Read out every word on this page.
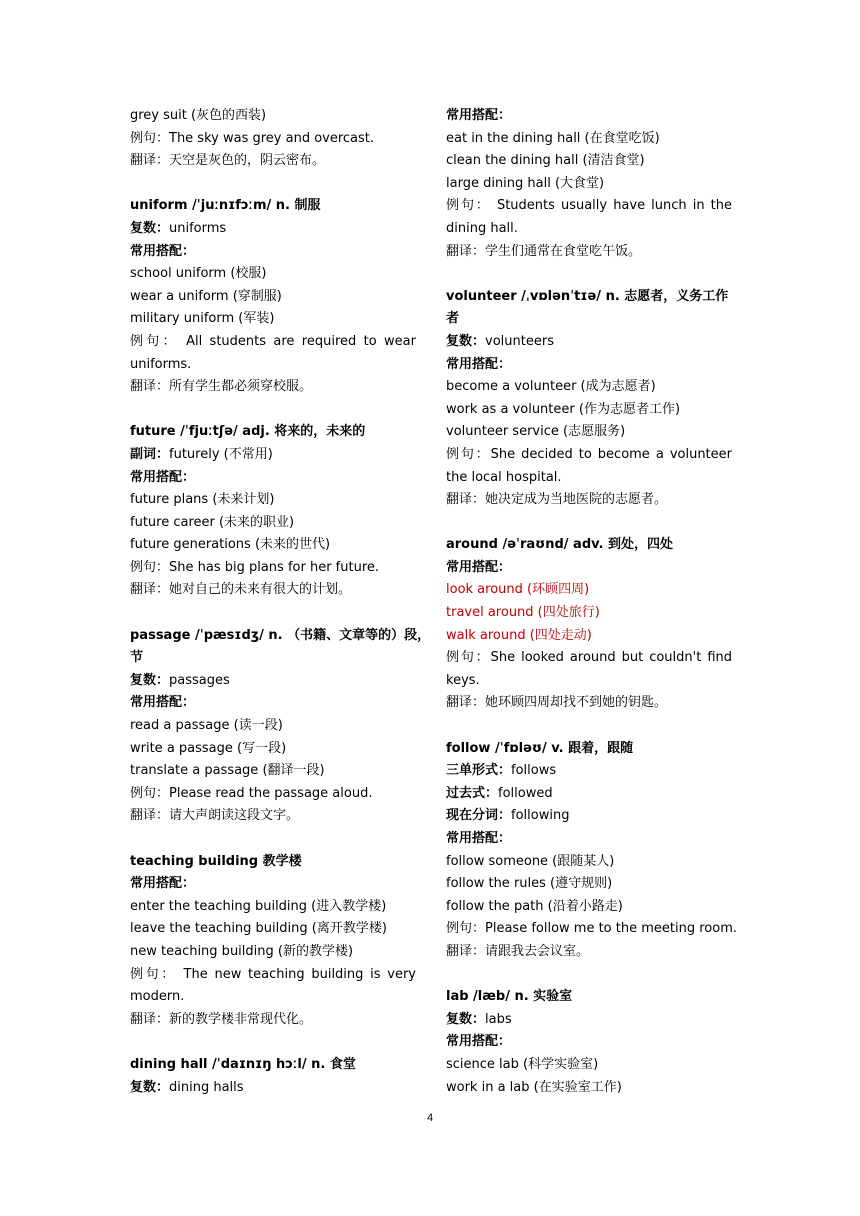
grey suit (灰色的西装)
例句：The sky was grey and overcast.
翻译：天空是灰色的，阴云密布。
uniform /ˈjuːnɪfɔːm/ n. 制服
复数：uniforms
常用搭配：
school uniform (校服)
wear a uniform (穿制服)
military uniform (军装)
例句： All students are required to wear
uniforms.
翻译：所有学生都必须穿校服。
future /ˈfjuːtʃə/ adj. 将来的，未来的
副词：futurely (不常用)
常用搭配：
future plans (未来计划)
future career (未来的职业)
future generations (未来的世代)
例句：She has big plans for her future.
翻译：她对自己的未来有很大的计划。
passage /ˈpæsɪdʒ/ n. （书籍、文章等的）段，
节
复数：passages
常用搭配：
read a passage (读一段)
write a passage (写一段)
translate a passage (翻译一段)
例句：Please read the passage aloud.
翻译：请大声朗读这段文字。
teaching building 教学楼
常用搭配：
enter the teaching building (进入教学楼)
leave the teaching building (离开教学楼)
new teaching building (新的教学楼)
例句： The new teaching building is very
modern.
翻译：新的教学楼非常现代化。
dining hall /ˈdaɪnɪŋ hɔːl/ n. 食堂
复数：dining halls
常用搭配：
eat in the dining hall (在食堂吃饭)
clean the dining hall (清洁食堂)
large dining hall (大食堂)
例句： Students usually have lunch in the
dining hall.
翻译：学生们通常在食堂吃午饭。
volunteer /ˌvɒlənˈtɪə/ n. 志愿者，义务工作
者
复数：volunteers
常用搭配：
become a volunteer (成为志愿者)
work as a volunteer (作为志愿者工作)
volunteer service (志愿服务)
例句：She decided to become a volunteer
the local hospital.
翻译：她决定成为当地医院的志愿者。
around /əˈraʊnd/ adv. 到处，四处
常用搭配：
look around (环顾四周)
travel around (四处旅行)
walk around (四处走动)
例句：She looked around but couldn't find
keys.
翻译：她环顾四周却找不到她的钥匙。
follow /ˈfɒləʊ/ v. 跟着，跟随
三单形式：follows
过去式：followed
现在分词：following
常用搭配：
follow someone (跟随某人)
follow the rules (遵守规则)
follow the path (沿着小路走)
例句：Please follow me to the meeting room.
翻译：请跟我去会议室。
lab /læb/ n. 实验室
复数：labs
常用搭配：
science lab (科学实验室)
work in a lab (在实验室工作)
4
